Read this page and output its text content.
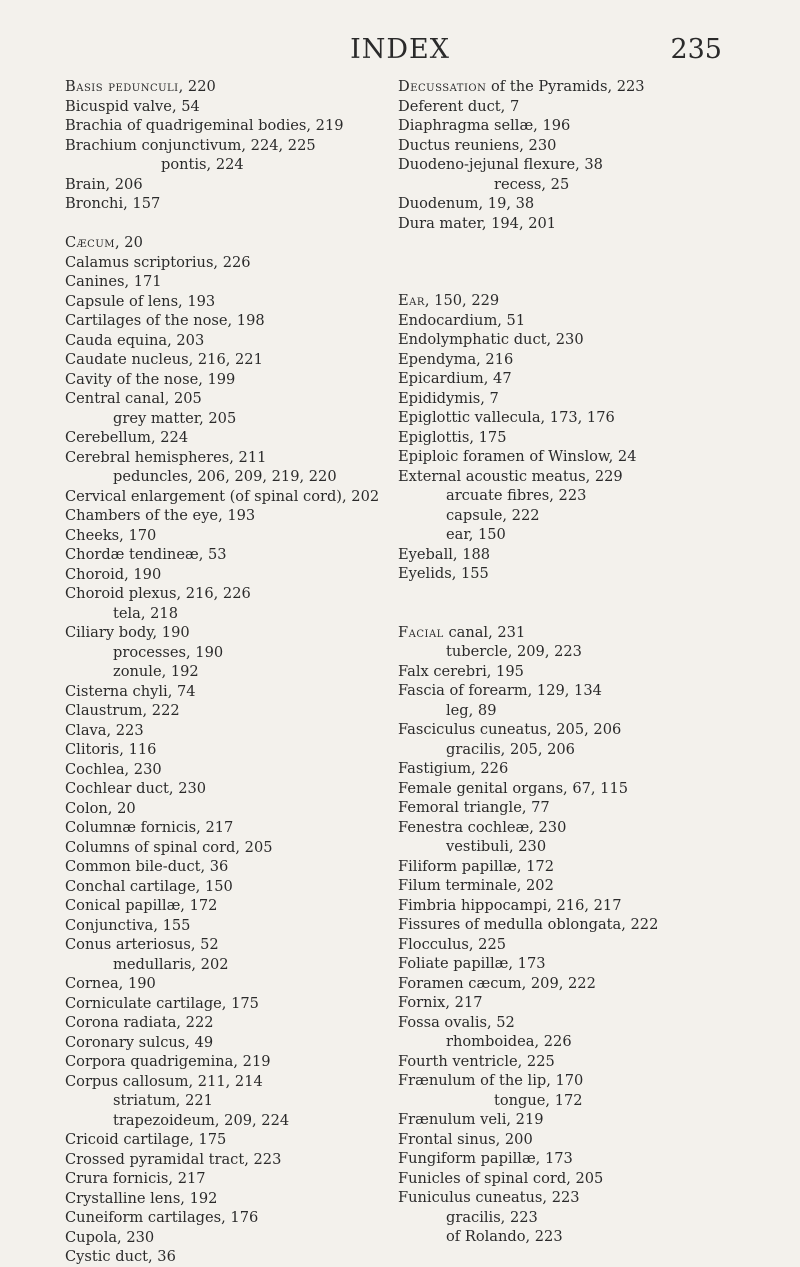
INDEX	235
Basis pedunculi, 220
Bicuspid valve, 54
Brachia of quadrigeminal bodies, 219
Brachium conjunctivum, 224, 225
pontis, 224
Brain, 206
Bronchi, 157
Cæcum, 20
Calamus scriptorius, 226
Canines, 171
Capsule of lens, 193
Cartilages of the nose, 198
Cauda equina, 203
Caudate nucleus, 216, 221
Cavity of the nose, 199
Central canal, 205
grey matter, 205
Cerebellum, 224
Cerebral hemispheres, 211
peduncles, 206, 209, 219, 220
Cervical enlargement (of spinal cord), 202
Chambers of the eye, 193
Cheeks, 170
Chordæ tendineæ, 53
Choroid, 190
Choroid plexus, 216, 226
tela, 218
Ciliary body, 190
processes, 190
zonule, 192
Cisterna chyli, 74
Claustrum, 222
Clava, 223
Clitoris, 116
Cochlea, 230
Cochlear duct, 230
Colon, 20
Columnæ fornicis, 217
Columns of spinal cord, 205
Common bile-duct, 36
Conchal cartilage, 150
Conical papillæ, 172
Conjunctiva, 155
Conus arteriosus, 52
medullaris, 202
Cornea, 190
Corniculate cartilage, 175
Corona radiata, 222
Coronary sulcus, 49
Corpora quadrigemina, 219
Corpus callosum, 211, 214
striatum, 221
trapezoideum, 209, 224
Cricoid cartilage, 175
Crossed pyramidal tract, 223
Crura fornicis, 217
Crystalline lens, 192
Cuneiform cartilages, 176
Cupola, 230
Cystic duct, 36
Decussation of the Pyramids, 223
Deferent duct, 7
Diaphragma sellæ, 196
Ductus reuniens, 230
Duodeno-jejunal flexure, 38
recess, 25
Duodenum, 19, 38
Dura mater, 194, 201
Ear, 150, 229
Endocardium, 51
Endolymphatic duct, 230
Ependyma, 216
Epicardium, 47
Epididymis, 7
Epiglottic vallecula, 173, 176
Epiglottis, 175
Epiploic foramen of Winslow, 24
External acoustic meatus, 229
arcuate fibres, 223
capsule, 222
ear, 150
Eyeball, 188
Eyelids, 155
Facial canal, 231
tubercle, 209, 223
Falx cerebri, 195
Fascia of forearm, 129, 134
leg, 89
Fasciculus cuneatus, 205, 206
gracilis, 205, 206
Fastigium, 226
Female genital organs, 67, 115
Femoral triangle, 77
Fenestra cochleæ, 230
vestibuli, 230
Filiform papillæ, 172
Filum terminale, 202
Fimbria hippocampi, 216, 217
Fissures of medulla oblongata, 222
Flocculus, 225
Foliate papillæ, 173
Foramen cæcum, 209, 222
Fornix, 217
Fossa ovalis, 52
rhomboidea, 226
Fourth ventricle, 225
Frænulum of the lip, 170
tongue, 172
Frænulum veli, 219
Frontal sinus, 200
Fungiform papillæ, 173
Funicles of spinal cord, 205
Funiculus cuneatus, 223
gracilis, 223
of Rolando, 223
